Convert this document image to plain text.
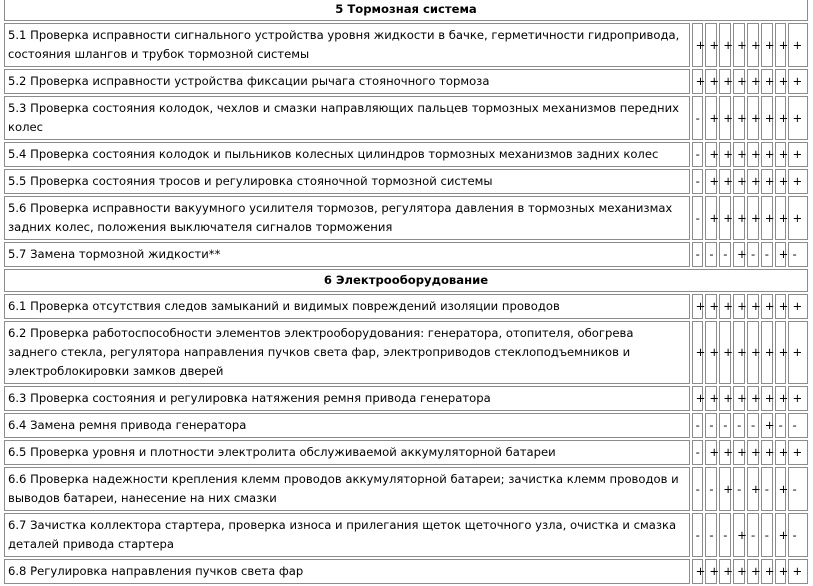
5 Тормозная система								
5.1 Проверка исправности сигнального устройства уровня жидкости в бачке, герметичности гидропривода, состояния шлангов и трубок тормозной системы	+	+	+	+	+	+	+	+
5.2 Проверка исправности устройства фиксации рычага стояночного тормоза	+	+	+	+	+	+	+	+
5.3 Проверка состояния колодок, чехлов и смазки направляющих пальцев тормозных механизмов передних колес	-	+	+	+	+	+	+	+
5.4 Проверка состояния колодок и пыльников колесных цилиндров тормозных механизмов задних колес	-	+	+	+	+	+	+	+
5.5 Проверка состояния тросов и регулировка стояночной тормозной системы	-	+	+	+	+	+	+	+
5.6 Проверка исправности вакуумного усилителя тормозов, регулятора давления в тормозных механизмах задних колес, положения выключателя сигналов торможения	-	+	+	+	+	+	+	+
5.7 Замена тормозной жидкости**	-	-	-	+	-	-	+	-
6 Электрооборудование								
6.1 Проверка отсутствия следов замыканий и видимых повреждений изоляции проводов	+	+	+	+	+	+	+	+
6.2 Проверка работоспособности элементов электрооборудования: генератора, отопителя, обогрева заднего стекла, регулятора направления пучков света фар, электроприводов стеклоподъемников и электроблокировки замков дверей	+	+	+	+	+	+	+	+
6.3 Проверка состояния и регулировка натяжения ремня привода генератора	+	+	+	+	+	+	+	+
6.4 Замена ремня привода генератора	-	-	-	-	-	+	-	-
6.5 Проверка уровня и плотности электролита обслуживаемой аккумуляторной батареи	-	+	+	+	+	+	+	+
6.6 Проверка надежности крепления клемм проводов аккумуляторной батареи; зачистка клемм проводов и выводов батареи, нанесение на них смазки	-	-	+	-	+	-	+	-
6.7 Зачистка коллектора стартера, проверка износа и прилегания щеток щеточного узла, очистка и смазка деталей привода стартера	-	-	-	+	-	-	+	-
6.8 Регулировка направления пучков света фар	+	+	+	+	+	+	+	+
